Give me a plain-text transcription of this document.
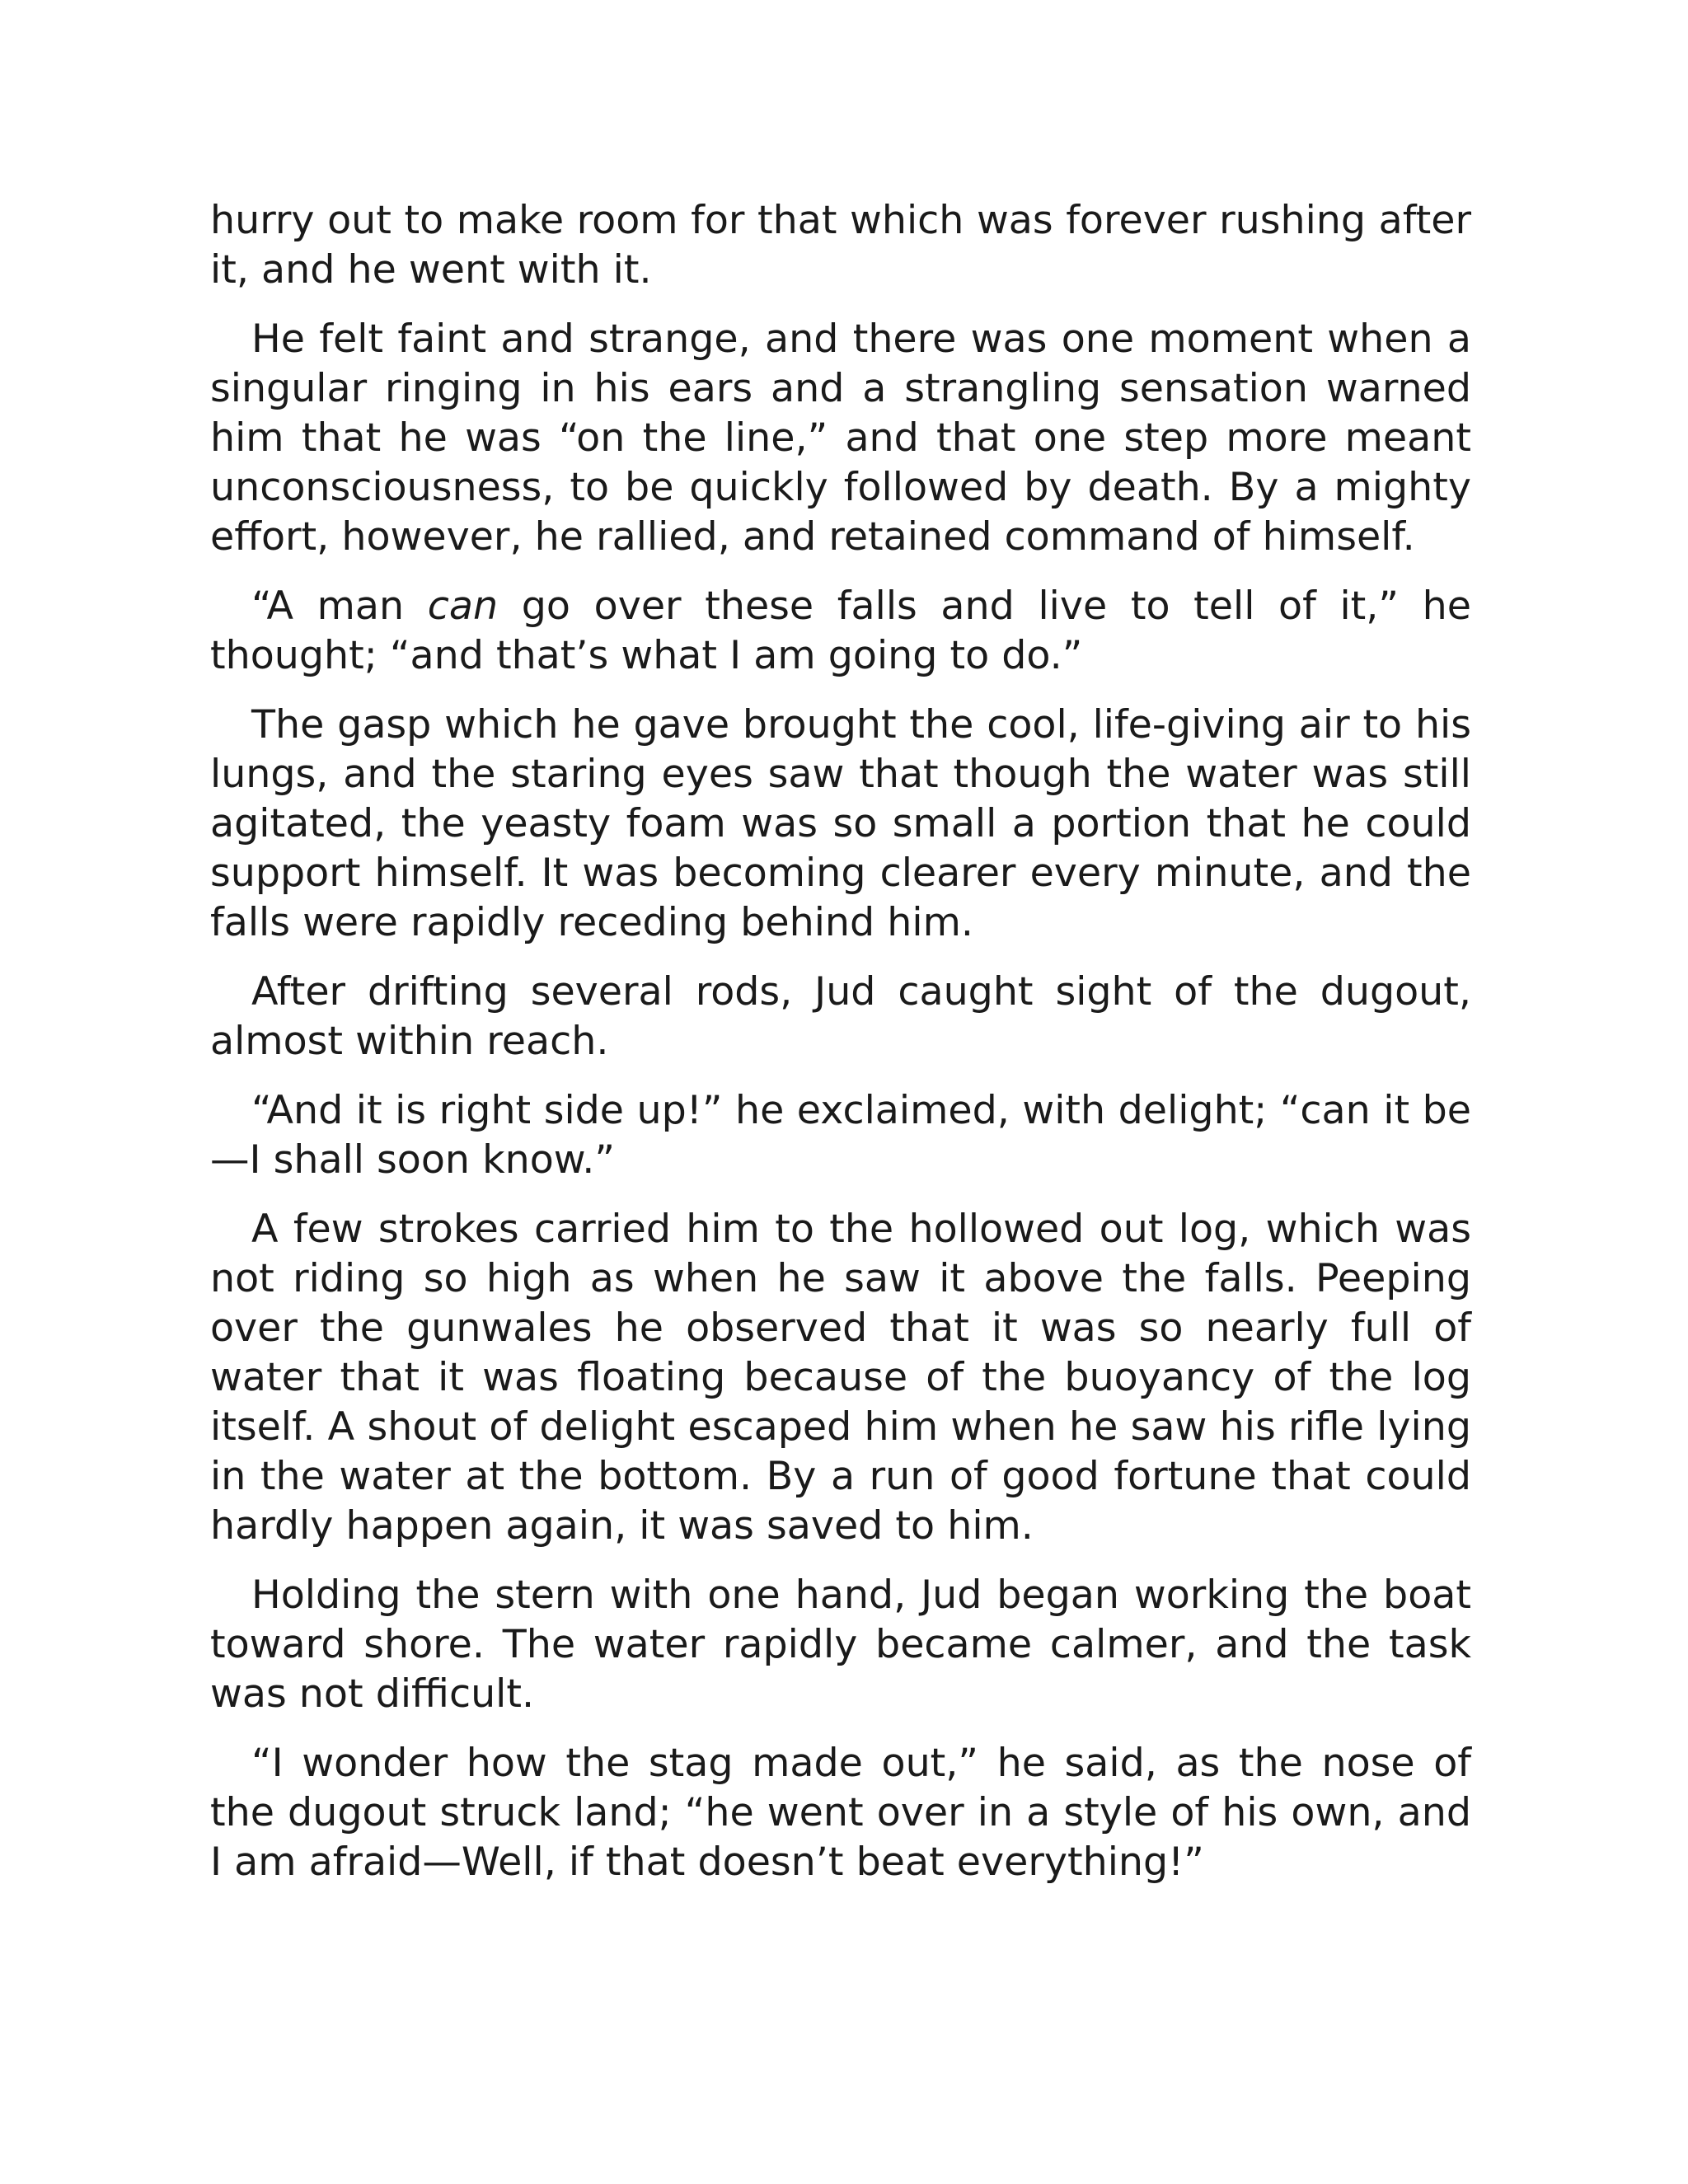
hurry out to make room for that which was forever rushing after it, and he went with it.

He felt faint and strange, and there was one moment when a singular ringing in his ears and a strangling sensation warned him that he was “on the line,” and that one step more meant unconsciousness, to be quickly followed by death. By a mighty effort, however, he rallied, and retained command of himself.

“A man can go over these falls and live to tell of it,” he thought; “and that’s what I am going to do.”

The gasp which he gave brought the cool, life-giving air to his lungs, and the staring eyes saw that though the water was still agitated, the yeasty foam was so small a portion that he could support himself. It was becoming clearer every minute, and the falls were rapidly receding behind him.

After drifting several rods, Jud caught sight of the dugout, almost within reach.

“And it is right side up!” he exclaimed, with delight; “can it be—I shall soon know.”

A few strokes carried him to the hollowed out log, which was not riding so high as when he saw it above the falls. Peeping over the gunwales he observed that it was so nearly full of water that it was floating because of the buoyancy of the log itself. A shout of delight escaped him when he saw his rifle lying in the water at the bottom. By a run of good fortune that could hardly happen again, it was saved to him.

Holding the stern with one hand, Jud began working the boat toward shore. The water rapidly became calmer, and the task was not difficult.

“I wonder how the stag made out,” he said, as the nose of the dugout struck land; “he went over in a style of his own, and I am afraid—Well, if that doesn’t beat everything!”
